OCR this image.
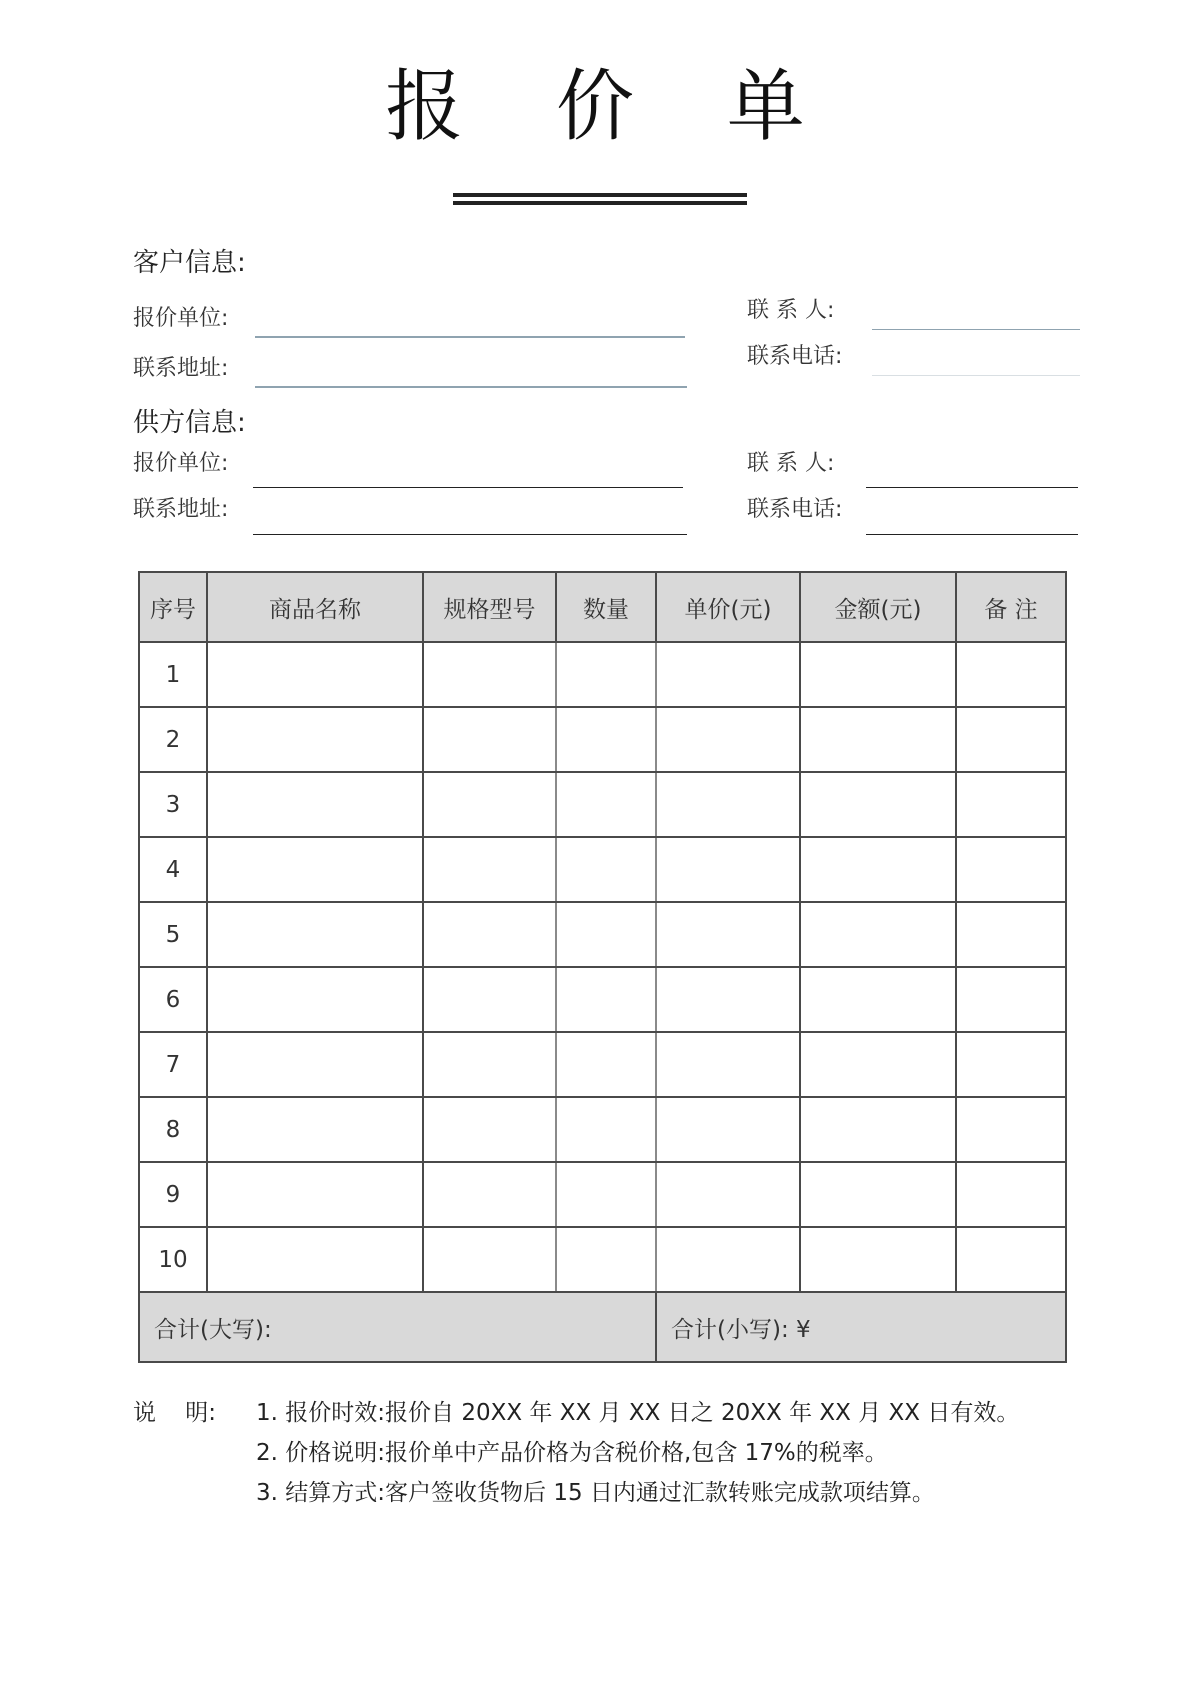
报 价 单
客户信息:
报价单位:
联系地址:
联 系 人:
联系电话:
供方信息:
报价单位:
联系地址:
联 系 人:
联系电话:
序号	商品名称	规格型号	数量	单价(元)	金额(元)	备 注
1						
2						
3						
4						
5						
6						
7						
8						
9						
10						
合计(大写):				合计(小写): ¥		
说    明: 1. 报价时效:报价自 20XX 年 XX 月 XX 日之 20XX 年 XX 月 XX 日有效。
2. 价格说明:报价单中产品价格为含税价格,包含 17%的税率。
3. 结算方式:客户签收货物后 15 日内通过汇款转账完成款项结算。
